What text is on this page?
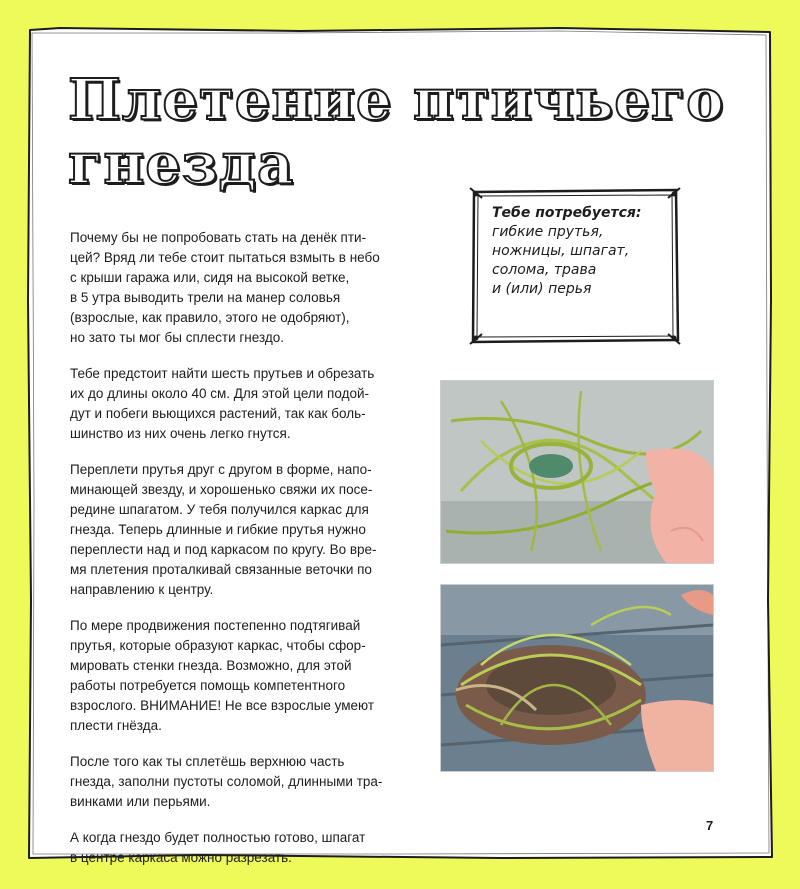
Плетение птичьего
гнезда

Почему бы не попробовать стать на денёк пти-
цей? Вряд ли тебе стоит пытаться взмыть в небо
с крыши гаража или, сидя на высокой ветке,
в 5 утра выводить трели на манер соловья
(взрослые, как правило, этого не одобряют),
но зато ты мог бы сплести гнездо.

Тебе предстоит найти шесть прутьев и обрезать
их до длины около 40 см. Для этой цели подой-
дут и побеги вьющихся растений, так как боль-
шинство из них очень легко гнутся.

Переплети прутья друг с другом в форме, напо-
минающей звезду, и хорошенько свяжи их посе-
редине шпагатом. У тебя получился каркас для
гнезда. Теперь длинные и гибкие прутья нужно
переплести над и под каркасом по кругу. Во вре-
мя плетения проталкивай связанные веточки по
направлению к центру.

По мере продвижения постепенно подтягивай
прутья, которые образуют каркас, чтобы сфор-
мировать стенки гнезда. Возможно, для этой
работы потребуется помощь компетентного
взрослого. ВНИМАНИЕ! Не все взрослые умеют
плести гнёзда.

После того как ты сплетёшь верхнюю часть
гнезда, заполни пустоты соломой, длинными тра-
винками или перьями.

А когда гнездо будет полностью готово, шпагат
в центре каркаса можно разрезать.

Тебе потребуется:
гибкие прутья,
ножницы, шпагат,
солома, трава
и (или) перья
7
